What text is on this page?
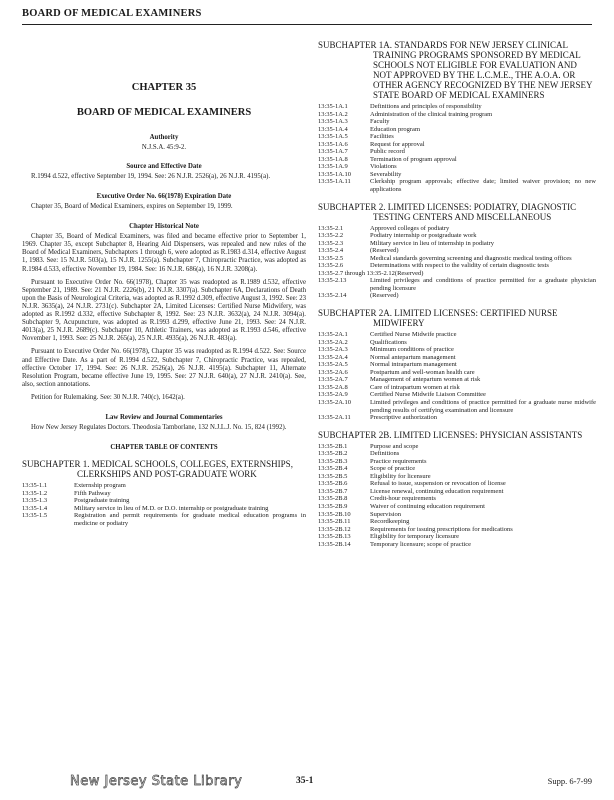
BOARD OF MEDICAL EXAMINERS
CHAPTER 35
BOARD OF MEDICAL EXAMINERS
Authority
N.J.S.A. 45:9-2.
Source and Effective Date
R.1994 d.522, effective September 19, 1994. See: 26 N.J.R. 2526(a), 26 N.J.R. 4195(a).
Executive Order No. 66(1978) Expiration Date
Chapter 35, Board of Medical Examiners, expires on September 19, 1999.
Chapter Historical Note
Chapter 35, Board of Medical Examiners, was filed and became effective prior to September 1, 1969. Chapter 35, except Subchapter 8, Hearing Aid Dispensers, was repealed and new rules of the Board of Medical Examiners, Subchapters 1 through 6, were adopted as R.1983 d.314, effective August 1, 1983. See: 15 N.J.R. 503(a), 15 N.J.R. 1255(a). Subchapter 7, Chiropractic Practice, was adopted as R.1984 d.533, effective November 19, 1984. See: 16 N.J.R. 686(a), 16 N.J.R. 3208(a).
Pursuant to Executive Order No. 66(1978), Chapter 35 was readopted as R.1989 d.532, effective September 21, 1989. See: 21 N.J.R. 2226(b), 21 N.J.R. 3307(a). Subchapter 6A, Declarations of Death upon the Basis of Neurological Criteria, was adopted as R.1992 d.309, effective August 3, 1992. See: 23 N.J.R. 3635(a), 24 N.J.R. 2731(c). Subchapter 2A, Limited Licenses: Certified Nurse Midwifery, was adopted as R.1992 d.332, effective Subchapter 8, 1992. See: 23 N.J.R. 3632(a), 24 N.J.R. 3094(a). Subchapter 9, Acupuncture, was adopted as R.1993 d.299, effective June 21, 1993. See: 24 N.J.R. 4013(a), 25 N.J.R. 2689(c). Subchapter 10, Athletic Trainers, was adopted as R.1993 d.546, effective November 1, 1993. See: 25 N.J.R. 265(a), 25 N.J.R. 4935(a), 26 N.J.R. 483(a).
Pursuant to Executive Order No. 66(1978), Chapter 35 was readopted as R.1994 d.522. See: Source and Effective Date. As a part of R.1994 d.522, Subchapter 7, Chiropractic Practice, was repealed, effective October 17, 1994. See: 26 N.J.R. 2526(a), 26 N.J.R. 4195(a). Subchapter 11, Alternate Resolution Program, became effective June 19, 1995. See: 27 N.J.R. 640(a), 27 N.J.R. 2410(a). See, also, section annotations.
Petition for Rulemaking. See: 30 N.J.R. 740(c), 1642(a).
Law Review and Journal Commentaries
How New Jersey Regulates Doctors. Theodosia Tamborlane, 132 N.J.L.J. No. 15, 824 (1992).
CHAPTER TABLE OF CONTENTS
SUBCHAPTER 1. MEDICAL SCHOOLS, COLLEGES, EXTERNSHIPS, CLERKSHIPS AND POST-GRADUATE WORK
13:35-1.1	Externship program
13:35-1.2	Fifth Pathway
13:35-1.3	Postgraduate training
13:35-1.4	Military service in lieu of M.D. or D.O. internship or postgraduate training
13:35-1.5	Registration and permit requirements for graduate medical education programs in medicine or podiatry
SUBCHAPTER 1A. STANDARDS FOR NEW JERSEY CLINICAL TRAINING PROGRAMS SPONSORED BY MEDICAL SCHOOLS NOT ELIGIBLE FOR EVALUATION AND NOT APPROVED BY THE L.C.M.E., THE A.O.A. OR OTHER AGENCY RECOGNIZED BY THE NEW JERSEY STATE BOARD OF MEDICAL EXAMINERS
13:35-1A.1	Definitions and principles of responsibility
13:35-1A.2	Administration of the clinical training program
13:35-1A.3	Faculty
13:35-1A.4	Education program
13:35-1A.5	Facilities
13:35-1A.6	Request for approval
13:35-1A.7	Public record
13:35-1A.8	Termination of program approval
13:35-1A.9	Violations
13:35-1A.10	Severability
13:35-1A.11	Clerkship program approvals; effective date; limited waiver provision; no new applications
SUBCHAPTER 2. LIMITED LICENSES: PODIATRY, DIAGNOSTIC TESTING CENTERS AND MISCELLANEOUS
13:35-2.1	Approved colleges of podiatry
13:35-2.2	Podiatry internship or postgraduate work
13:35-2.3	Military service in lieu of internship in podiatry
13:35-2.4	(Reserved)
13:35-2.5	Medical standards governing screening and diagnostic medical testing offices
13:35-2.6	Determinations with respect to the validity of certain diagnostic tests
13:35-2.7 through 13:35-2.12 (Reserved)
13:35-2.13	Limited privileges and conditions of practice permitted for a graduate physician pending licensure
13:35-2.14	(Reserved)
SUBCHAPTER 2A. LIMITED LICENSES: CERTIFIED NURSE MIDWIFERY
13:35-2A.1	Certified Nurse Midwife practice
13:35-2A.2	Qualifications
13:35-2A.3	Minimum conditions of practice
13:35-2A.4	Normal antepartum management
13:35-2A.5	Normal intrapartum management
13:35-2A.6	Postpartum and well-woman health care
13:35-2A.7	Management of antepartum women at risk
13:35-2A.8	Care of intrapartum women at risk
13:35-2A.9	Certified Nurse Midwife Liaison Committee
13:35-2A.10	Limited privileges and conditions of practice permitted for a graduate nurse midwife pending results of certifying examination and licensure
13:35-2A.11	Prescriptive authorization
SUBCHAPTER 2B. LIMITED LICENSES: PHYSICIAN ASSISTANTS
13:35-2B.1	Purpose and scope
13:35-2B.2	Definitions
13:35-2B.3	Practice requirements
13:35-2B.4	Scope of practice
13:35-2B.5	Eligibility for licensure
13:35-2B.6	Refusal to issue, suspension or revocation of license
13:35-2B.7	License renewal, continuing education requirement
13:35-2B.8	Credit-hour requirements
13:35-2B.9	Waiver of continuing education requirement
13:35-2B.10	Supervision
13:35-2B.11	Recordkeeping
13:35-2B.12	Requirements for issuing prescriptions for medications
13:35-2B.13	Eligibility for temporary licensure
13:35-2B.14	Temporary licensure; scope of practice
New Jersey State Library	35-1	Supp. 6-7-99
